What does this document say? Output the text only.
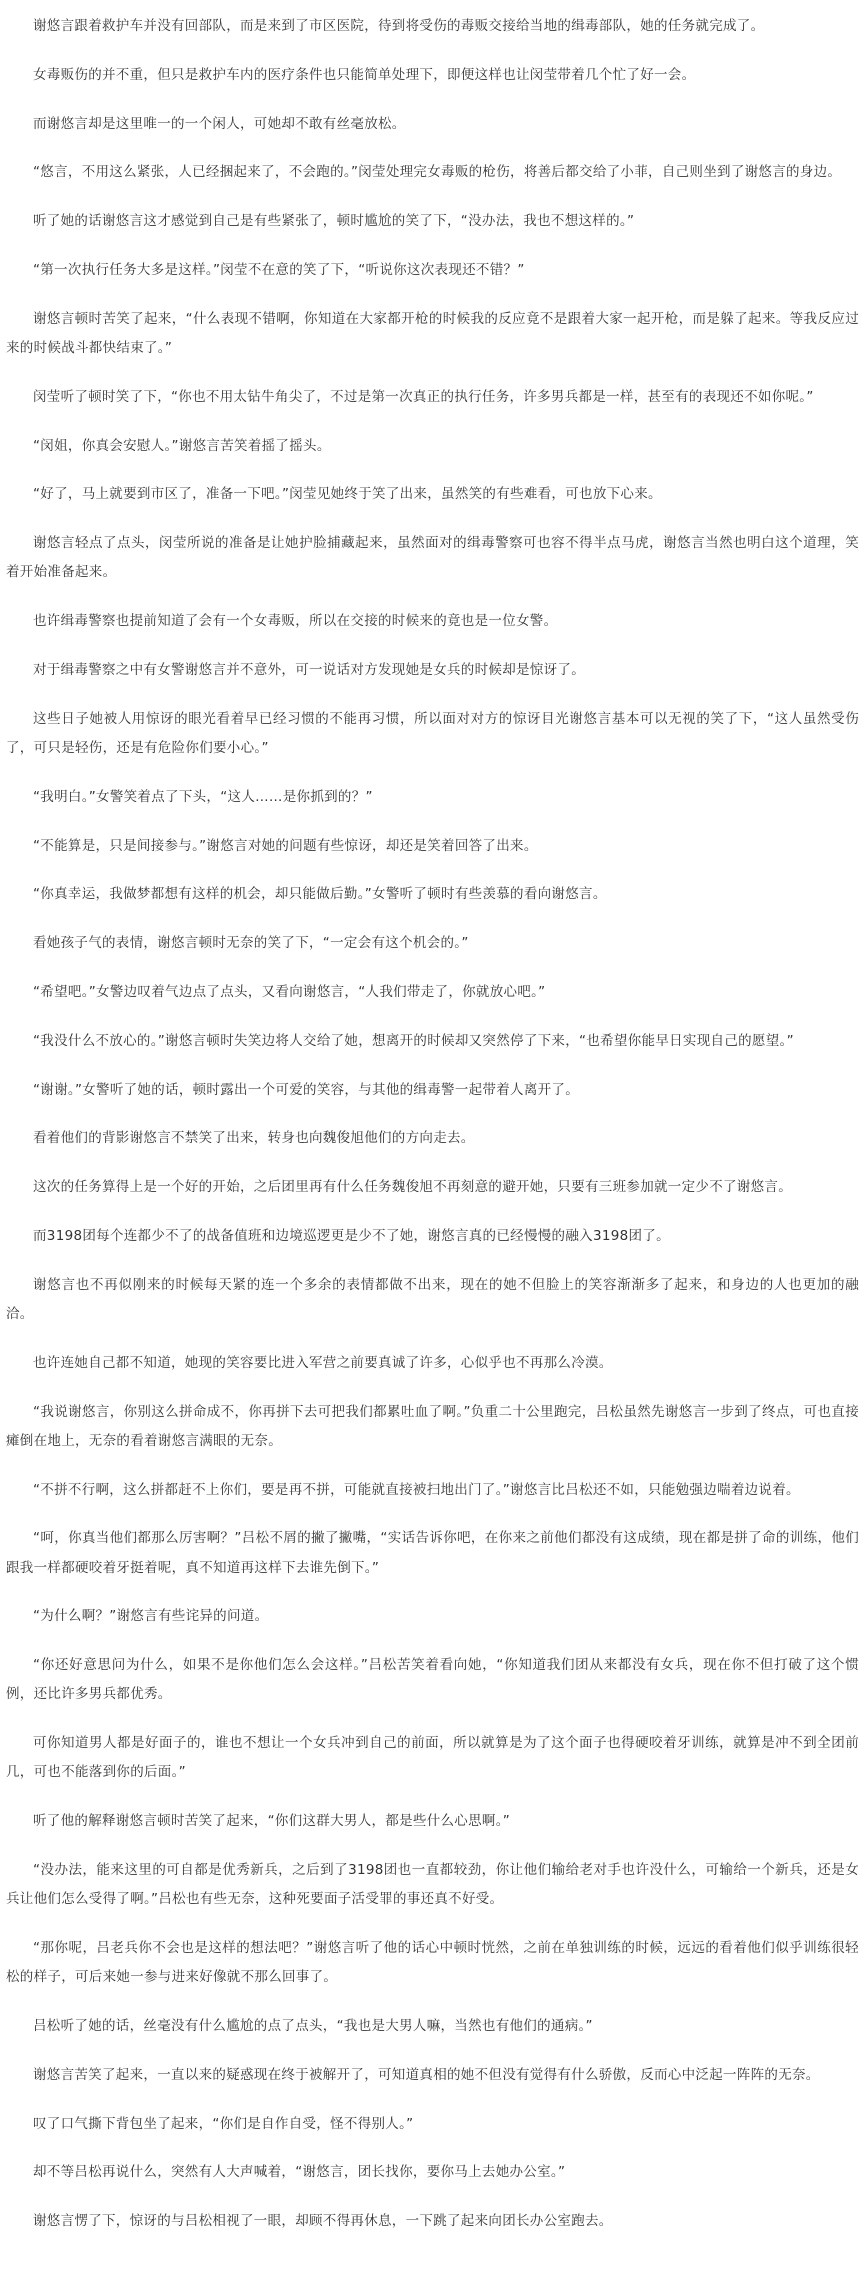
谢悠言跟着救护车并没有回部队，而是来到了市区医院，待到将受伤的毒贩交接给当地的缉毒部队，她的任务就完成了。

女毒贩伤的并不重，但只是救护车内的医疗条件也只能简单处理下，即便这样也让闵莹带着几个忙了好一会。

而谢悠言却是这里唯一的一个闲人，可她却不敢有丝毫放松。

“悠言，不用这么紧张，人已经捆起来了，不会跑的。”闵莹处理完女毒贩的枪伤，将善后都交给了小菲，自己则坐到了谢悠言的身边。

听了她的话谢悠言这才感觉到自己是有些紧张了，顿时尴尬的笑了下，“没办法，我也不想这样的。”

“第一次执行任务大多是这样。”闵莹不在意的笑了下，“听说你这次表现还不错？”

谢悠言顿时苦笑了起来，“什么表现不错啊，你知道在大家都开枪的时候我的反应竟不是跟着大家一起开枪，而是躲了起来。等我反应过来的时候战斗都快结束了。”

闵莹听了顿时笑了下，“你也不用太钻牛角尖了，不过是第一次真正的执行任务，许多男兵都是一样，甚至有的表现还不如你呢。”

“闵姐，你真会安慰人。”谢悠言苦笑着摇了摇头。

“好了，马上就要到市区了，准备一下吧。”闵莹见她终于笑了出来，虽然笑的有些难看，可也放下心来。

谢悠言轻点了点头，闵莹所说的准备是让她护脸捕藏起来，虽然面对的缉毒警察可也容不得半点马虎，谢悠言当然也明白这个道理，笑着开始准备起来。

也许缉毒警察也提前知道了会有一个女毒贩，所以在交接的时候来的竟也是一位女警。

对于缉毒警察之中有女警谢悠言并不意外，可一说话对方发现她是女兵的时候却是惊讶了。

这些日子她被人用惊讶的眼光看着早已经习惯的不能再习惯，所以面对对方的惊讶目光谢悠言基本可以无视的笑了下，“这人虽然受伤了，可只是轻伤，还是有危险你们要小心。”

“我明白。”女警笑着点了下头，“这人……是你抓到的？”

“不能算是，只是间接参与。”谢悠言对她的问题有些惊讶，却还是笑着回答了出来。

“你真幸运，我做梦都想有这样的机会，却只能做后勤。”女警听了顿时有些羡慕的看向谢悠言。

看她孩子气的表情，谢悠言顿时无奈的笑了下，“一定会有这个机会的。”

“希望吧。”女警边叹着气边点了点头，又看向谢悠言，“人我们带走了，你就放心吧。”

“我没什么不放心的。”谢悠言顿时失笑边将人交给了她，想离开的时候却又突然停了下来，“也希望你能早日实现自己的愿望。”

“谢谢。”女警听了她的话，顿时露出一个可爱的笑容，与其他的缉毒警一起带着人离开了。

看着他们的背影谢悠言不禁笑了出来，转身也向魏俊旭他们的方向走去。

这次的任务算得上是一个好的开始，之后团里再有什么任务魏俊旭不再刻意的避开她，只要有三班参加就一定少不了谢悠言。

而3198团每个连都少不了的战备值班和边境巡逻更是少不了她，谢悠言真的已经慢慢的融入3198团了。

谢悠言也不再似刚来的时候每天紧的连一个多余的表情都做不出来，现在的她不但脸上的笑容渐渐多了起来，和身边的人也更加的融洽。

也许连她自己都不知道，她现的笑容要比进入军营之前要真诚了许多，心似乎也不再那么冷漠。

“我说谢悠言，你别这么拼命成不，你再拼下去可把我们都累吐血了啊。”负重二十公里跑完，吕松虽然先谢悠言一步到了终点，可也直接瘫倒在地上，无奈的看着谢悠言满眼的无奈。

“不拼不行啊，这么拼都赶不上你们，要是再不拼，可能就直接被扫地出门了。”谢悠言比吕松还不如，只能勉强边喘着边说着。

“呵，你真当他们都那么厉害啊？”吕松不屑的撇了撇嘴，“实话告诉你吧，在你来之前他们都没有这成绩，现在都是拼了命的训练，他们跟我一样都硬咬着牙挺着呢，真不知道再这样下去谁先倒下。”

“为什么啊？”谢悠言有些诧异的问道。

“你还好意思问为什么，如果不是你他们怎么会这样。”吕松苦笑着看向她，“你知道我们团从来都没有女兵，现在你不但打破了这个惯例，还比许多男兵都优秀。

可你知道男人都是好面子的，谁也不想让一个女兵冲到自己的前面，所以就算是为了这个面子也得硬咬着牙训练，就算是冲不到全团前几，可也不能落到你的后面。”

听了他的解释谢悠言顿时苦笑了起来，“你们这群大男人，都是些什么心思啊。”

“没办法，能来这里的可自都是优秀新兵，之后到了3198团也一直都较劲，你让他们输给老对手也许没什么，可输给一个新兵，还是女兵让他们怎么受得了啊。”吕松也有些无奈，这种死要面子活受罪的事还真不好受。

“那你呢，吕老兵你不会也是这样的想法吧？”谢悠言听了他的话心中顿时恍然，之前在单独训练的时候，远远的看着他们似乎训练很轻松的样子，可后来她一参与进来好像就不那么回事了。

吕松听了她的话，丝毫没有什么尴尬的点了点头，“我也是大男人嘛，当然也有他们的通病。”

谢悠言苦笑了起来，一直以来的疑惑现在终于被解开了，可知道真相的她不但没有觉得有什么骄傲，反而心中泛起一阵阵的无奈。

叹了口气撕下背包坐了起来，“你们是自作自受，怪不得别人。”

却不等吕松再说什么，突然有人大声喊着，“谢悠言，团长找你，要你马上去她办公室。”

谢悠言愣了下，惊讶的与吕松相视了一眼，却顾不得再休息，一下跳了起来向团长办公室跑去。
